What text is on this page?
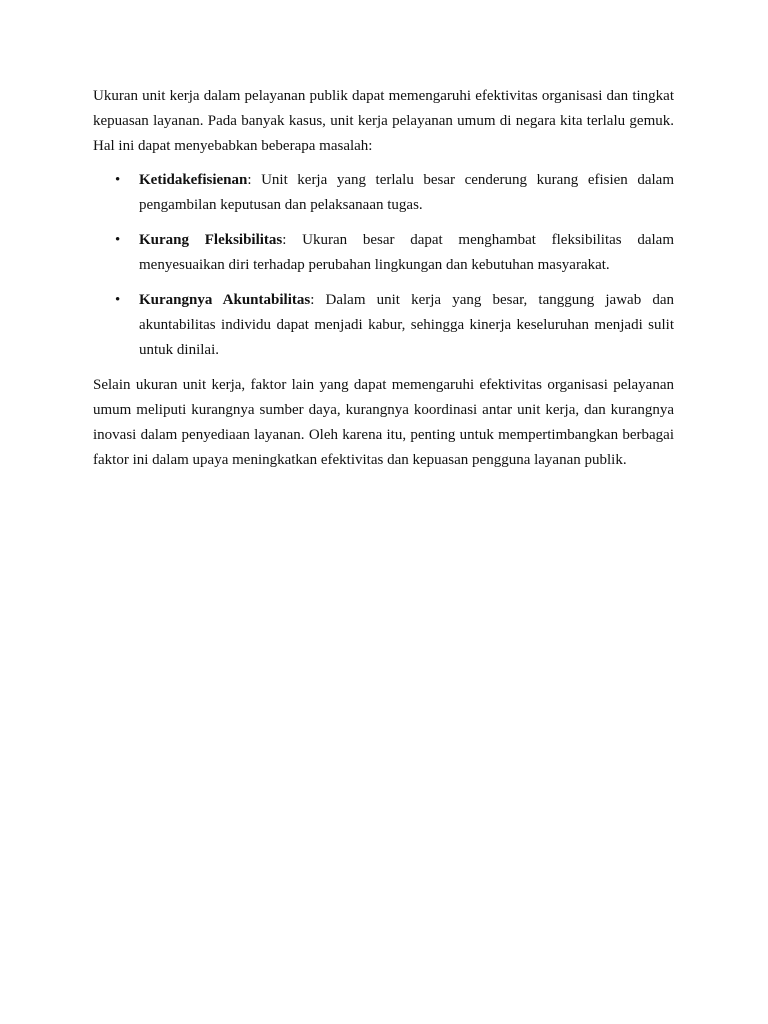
Ukuran unit kerja dalam pelayanan publik dapat memengaruhi efektivitas organisasi dan tingkat kepuasan layanan. Pada banyak kasus, unit kerja pelayanan umum di negara kita terlalu gemuk. Hal ini dapat menyebabkan beberapa masalah:

• Ketidakefisienan: Unit kerja yang terlalu besar cenderung kurang efisien dalam pengambilan keputusan dan pelaksanaan tugas.
• Kurang Fleksibilitas: Ukuran besar dapat menghambat fleksibilitas dalam menyesuaikan diri terhadap perubahan lingkungan dan kebutuhan masyarakat.
• Kurangnya Akuntabilitas: Dalam unit kerja yang besar, tanggung jawab dan akuntabilitas individu dapat menjadi kabur, sehingga kinerja keseluruhan menjadi sulit untuk dinilai.

Selain ukuran unit kerja, faktor lain yang dapat memengaruhi efektivitas organisasi pelayanan umum meliputi kurangnya sumber daya, kurangnya koordinasi antar unit kerja, dan kurangnya inovasi dalam penyediaan layanan. Oleh karena itu, penting untuk mempertimbangkan berbagai faktor ini dalam upaya meningkatkan efektivitas dan kepuasan pengguna layanan publik.
